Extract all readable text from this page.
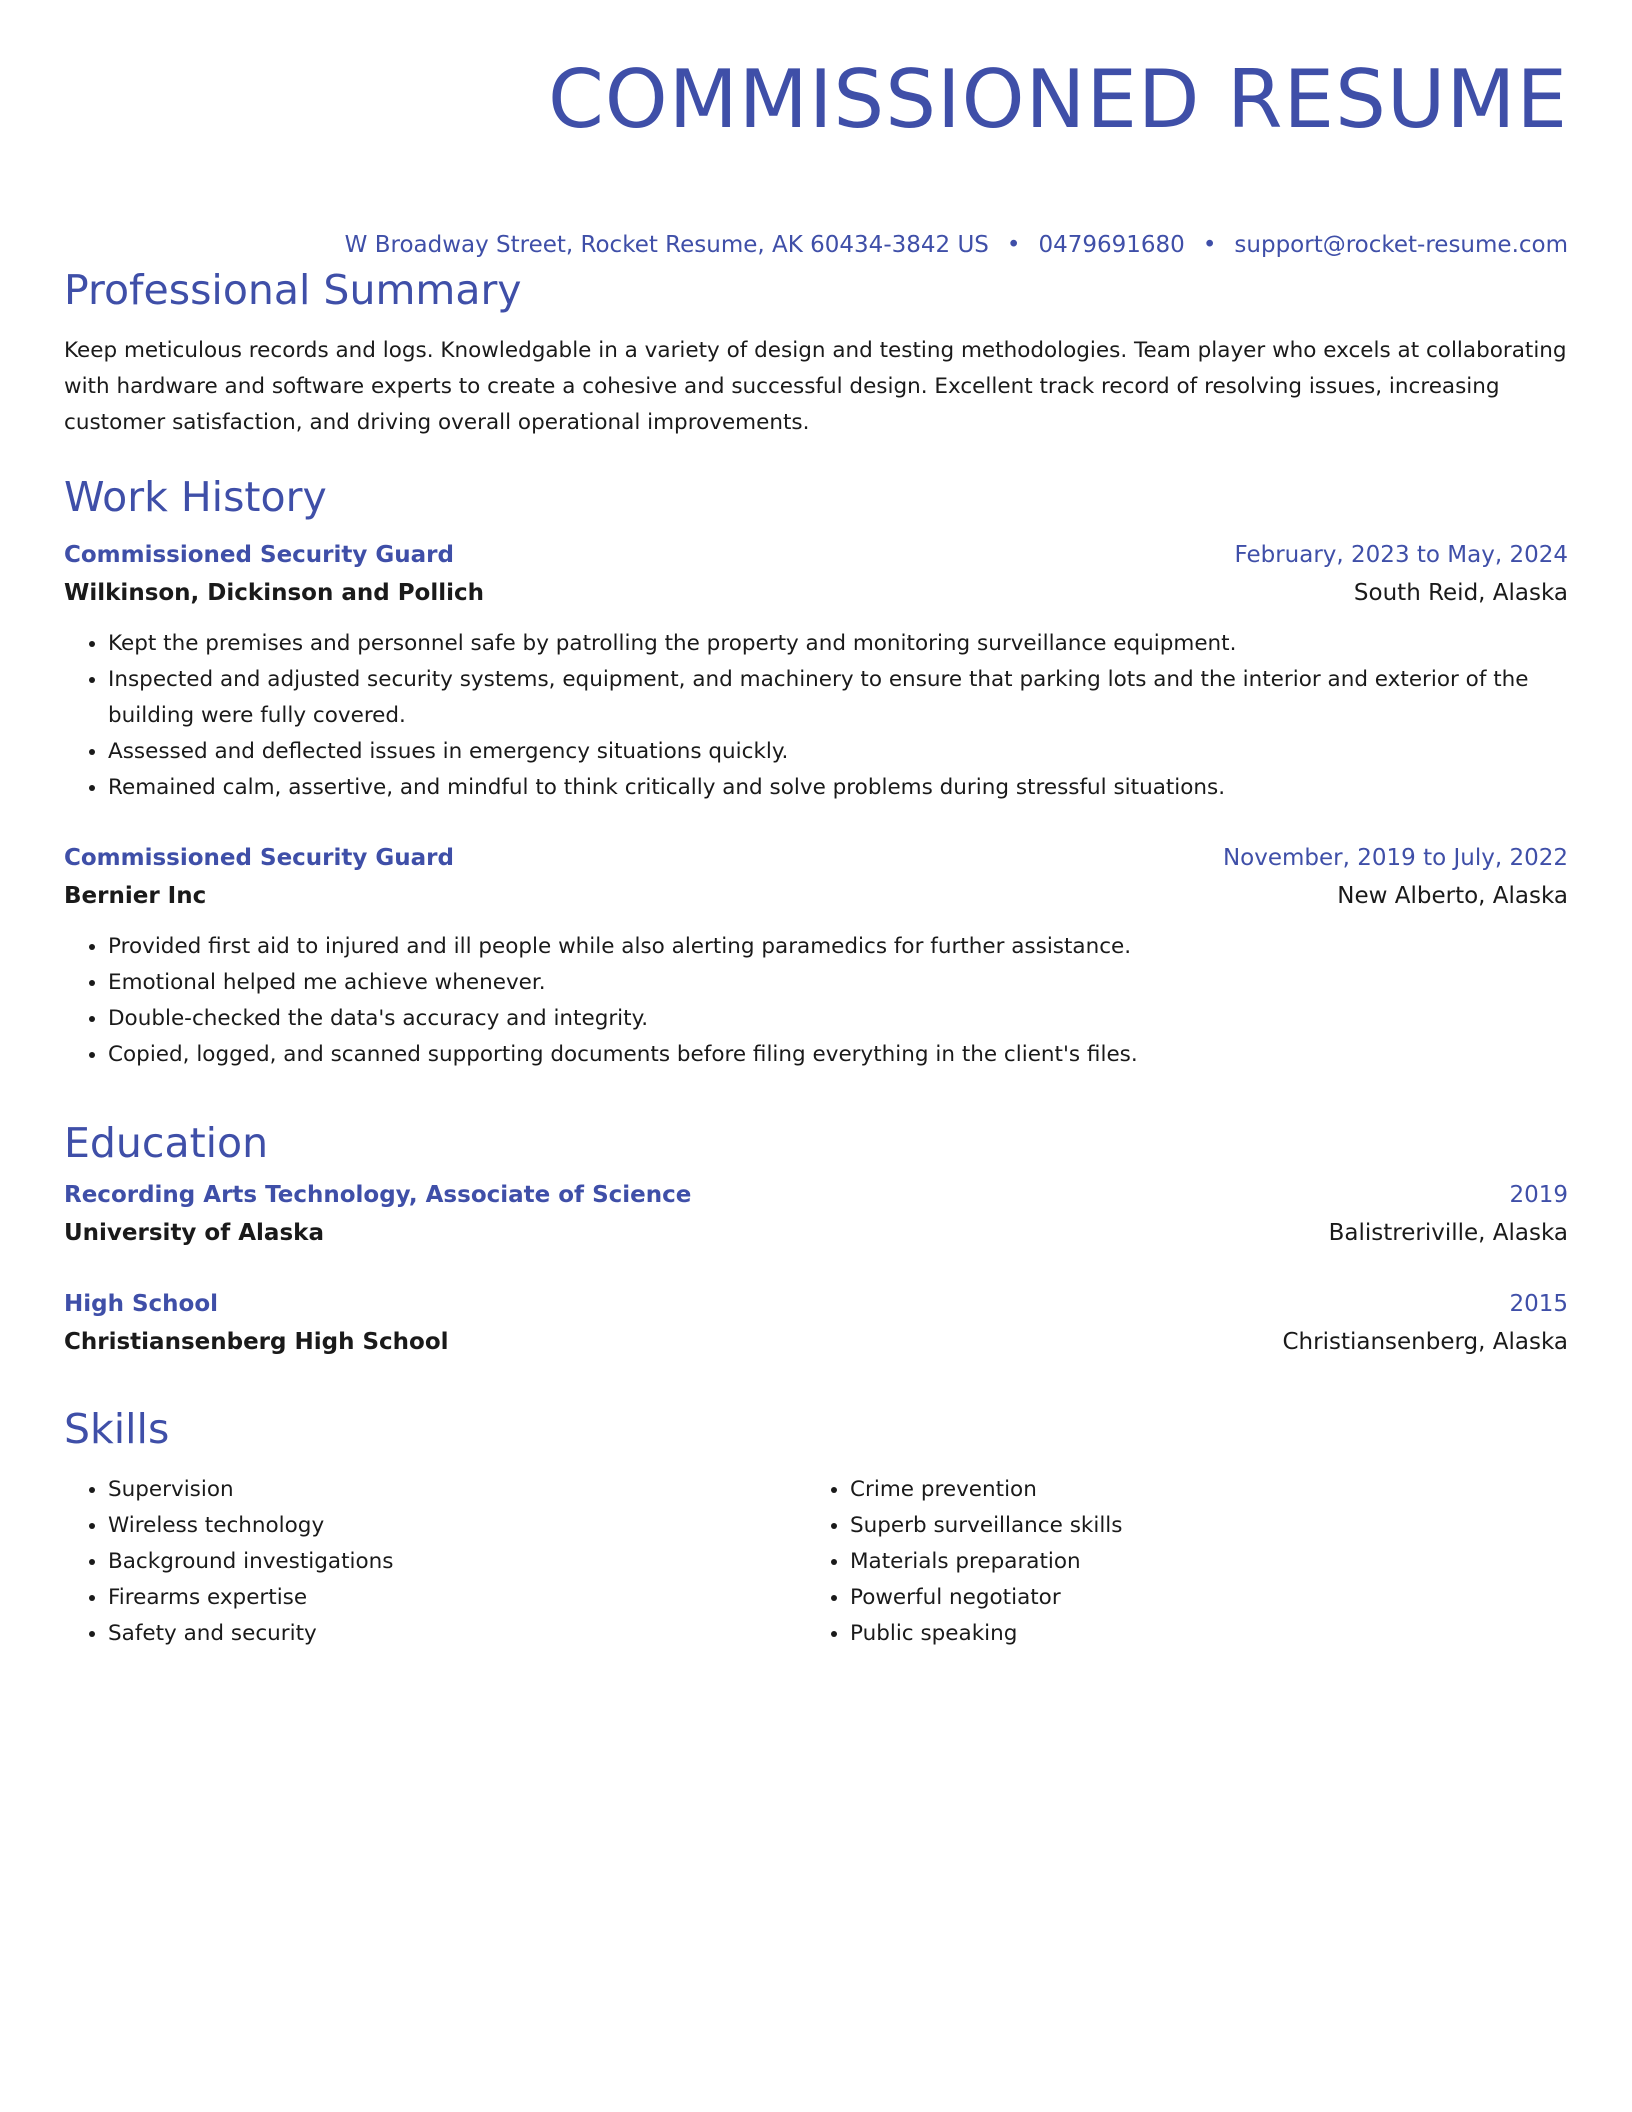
COMMISSIONED RESUME
W Broadway Street, Rocket Resume, AK 60434-3842 US • 0479691680 • support@rocket-resume.com
Professional Summary
Keep meticulous records and logs. Knowledgable in a variety of design and testing methodologies. Team player who excels at collaborating with hardware and software experts to create a cohesive and successful design. Excellent track record of resolving issues, increasing customer satisfaction, and driving overall operational improvements.
Work History
Commissioned Security Guard	February, 2023 to May, 2024
Wilkinson, Dickinson and Pollich	South Reid, Alaska
• Kept the premises and personnel safe by patrolling the property and monitoring surveillance equipment.
• Inspected and adjusted security systems, equipment, and machinery to ensure that parking lots and the interior and exterior of the building were fully covered.
• Assessed and deflected issues in emergency situations quickly.
• Remained calm, assertive, and mindful to think critically and solve problems during stressful situations.
Commissioned Security Guard	November, 2019 to July, 2022
Bernier Inc	New Alberto, Alaska
• Provided first aid to injured and ill people while also alerting paramedics for further assistance.
• Emotional helped me achieve whenever.
• Double-checked the data's accuracy and integrity.
• Copied, logged, and scanned supporting documents before filing everything in the client's files.
Education
Recording Arts Technology, Associate of Science	2019
University of Alaska	Balistreriville, Alaska
High School	2015
Christiansenberg High School	Christiansenberg, Alaska
Skills
• Supervision
• Wireless technology
• Background investigations
• Firearms expertise
• Safety and security
• Crime prevention
• Superb surveillance skills
• Materials preparation
• Powerful negotiator
• Public speaking
